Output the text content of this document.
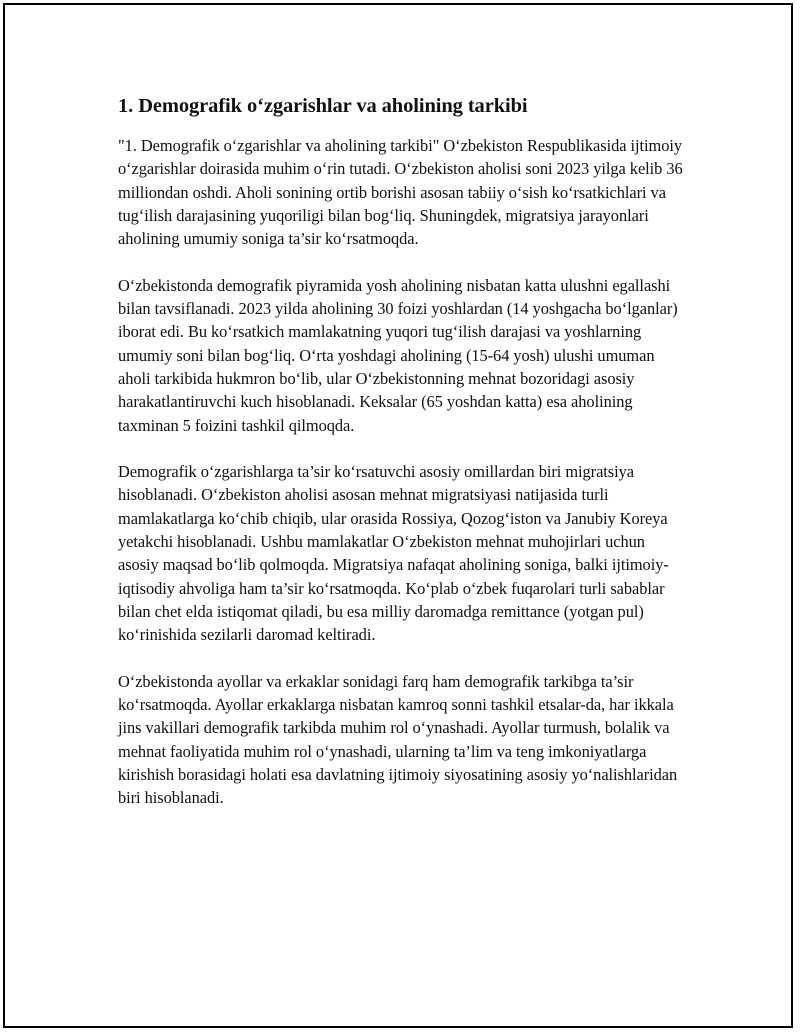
1. Demografik o‘zgarishlar va aholining tarkibi

"1. Demografik o‘zgarishlar va aholining tarkibi" O‘zbekiston Respublikasida ijtimoiy o‘zgarishlar doirasida muhim o‘rin tutadi. O‘zbekiston aholisi soni 2023 yilga kelib 36 milliondan oshdi. Aholi sonining ortib borishi asosan tabiiy o‘sish ko‘rsatkichlari va tug‘ilish darajasining yuqoriligi bilan bog‘liq. Shuningdek, migratsiya jarayonlari aholining umumiy soniga ta’sir ko‘rsatmoqda.

O‘zbekistonda demografik piyramida yosh aholining nisbatan katta ulushni egallashi bilan tavsiflanadi. 2023 yilda aholining 30 foizi yoshlardan (14 yoshgacha bo‘lganlar) iborat edi. Bu ko‘rsatkich mamlakatning yuqori tug‘ilish darajasi va yoshlarning umumiy soni bilan bog‘liq. O‘rta yoshdagi aholining (15-64 yosh) ulushi umuman aholi tarkibida hukmron bo‘lib, ular O‘zbekistonning mehnat bozoridagi asosiy harakatlantiruvchi kuch hisoblanadi. Keksalar (65 yoshdan katta) esa aholining taxminan 5 foizini tashkil qilmoqda.

Demografik o‘zgarishlarga ta’sir ko‘rsatuvchi asosiy omillardan biri migratsiya hisoblanadi. O‘zbekiston aholisi asosan mehnat migratsiyasi natijasida turli mamlakatlarga ko‘chib chiqib, ular orasida Rossiya, Qozog‘iston va Janubiy Koreya yetakchi hisoblanadi. Ushbu mamlakatlar O‘zbekiston mehnat muhojirlari uchun asosiy maqsad bo‘lib qolmoqda. Migratsiya nafaqat aholining soniga, balki ijtimoiy-iqtisodiy ahvoliga ham ta’sir ko‘rsatmoqda. Ko‘plab o‘zbek fuqarolari turli sabablar bilan chet elda istiqomat qiladi, bu esa milliy daromadga remittance (yotgan pul) ko‘rinishida sezilarli daromad keltiradi.

O‘zbekistonda ayollar va erkaklar sonidagi farq ham demografik tarkibga ta’sir ko‘rsatmoqda. Ayollar erkaklarga nisbatan kamroq sonni tashkil etsalar-da, har ikkala jins vakillari demografik tarkibda muhim rol o‘ynashadi. Ayollar turmush, bolalik va mehnat faoliyatida muhim rol o‘ynashadi, ularning ta’lim va teng imkoniyatlarga kirishish borasidagi holati esa davlatning ijtimoiy siyosatining asosiy yo‘nalishlaridan biri hisoblanadi.
